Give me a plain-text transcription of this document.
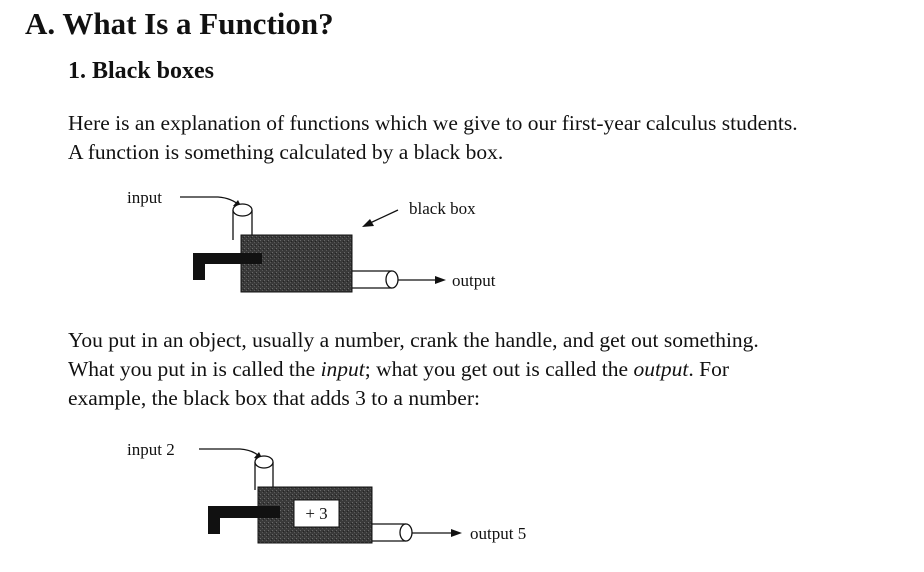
A. What Is a Function?
1. Black boxes

Here is an explanation of functions which we give to our first-year calculus students.
A function is something calculated by a black box.

input
output
black box

You put in an object, usually a number, crank the handle, and get out something.
What you put in is called the input; what you get out is called the output. For
example, the black box that adds 3 to a number:

input 2
+ 3
output 5
